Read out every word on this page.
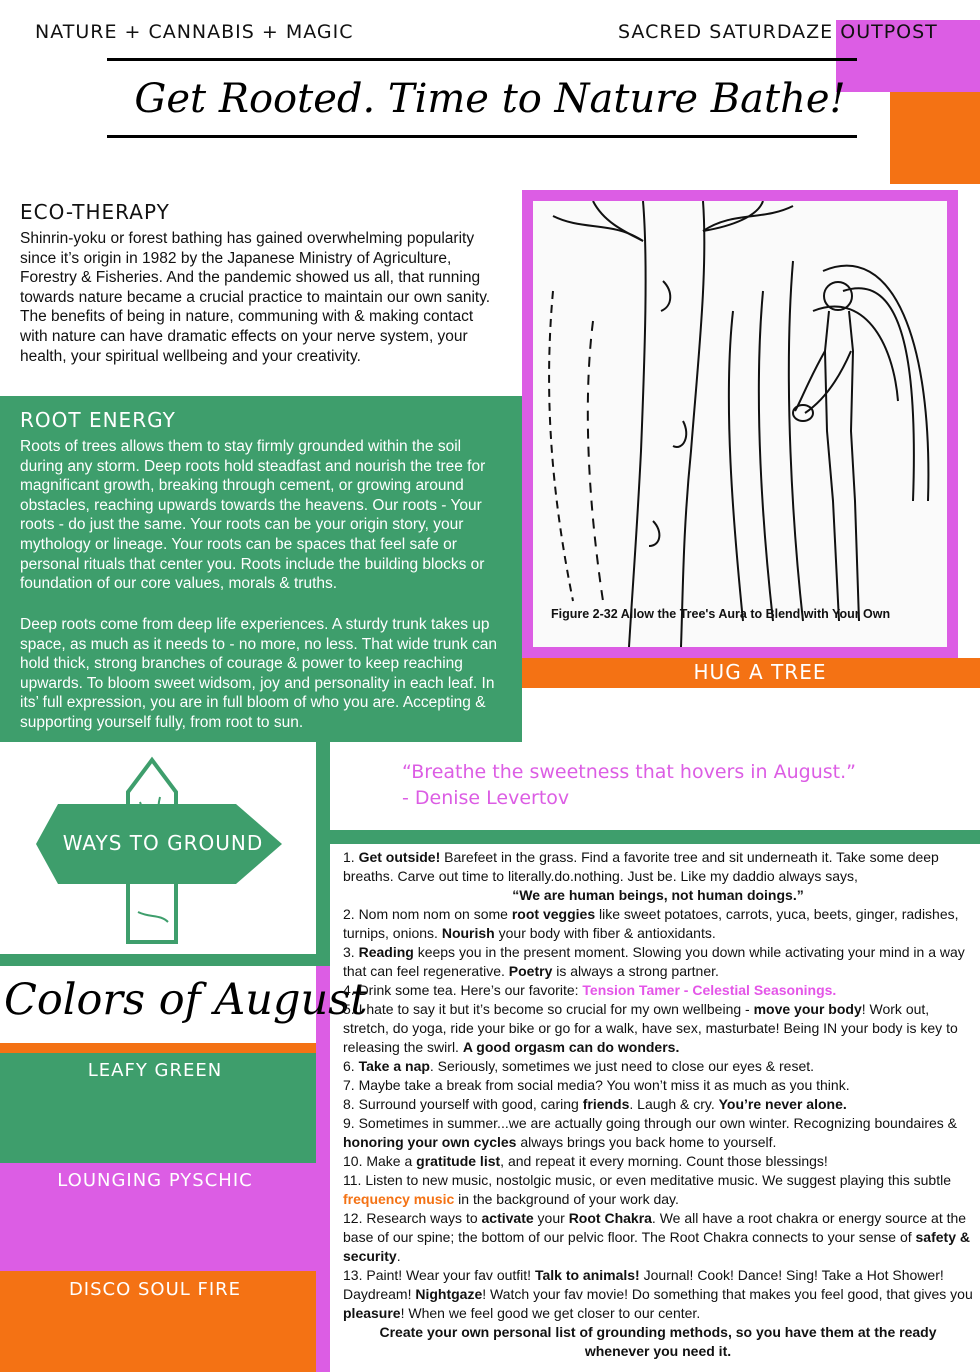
NATURE + CANNABIS + MAGIC	SACRED SATURDAZE OUTPOST
Get Rooted. Time to Nature Bathe!
ECO-THERAPY
Shinrin-yoku or forest bathing has gained overwhelming popularity since it’s origin in 1982 by the Japanese Ministry of Agriculture, Forestry & Fisheries. And the pandemic showed us all, that running towards nature became a crucial practice to maintain our own sanity. The benefits of being in nature, communing with & making contact with nature can have dramatic effects on your nerve system, your health, your spiritual wellbeing and your creativity.
ROOT ENERGY
Roots of trees allows them to stay firmly grounded within the soil during any storm. Deep roots hold steadfast and nourish the tree for magnificant growth, breaking through cement, or growing around obstacles, reaching upwards towards the heavens. Our roots - Your roots - do just the same. Your roots can be your origin story, your mythology or lineage. Your roots can be spaces that feel safe or personal rituals that center you. Roots include the building blocks or foundation of our core values, morals & truths.
Deep roots come from deep life experiences. A sturdy trunk takes up space, as much as it needs to - no more, no less. That wide trunk can hold thick, strong branches of courage & power to keep reaching upwards. To bloom sweet widsom, joy and personality in each leaf. In its’ full expression, you are in full bloom of who you are. Accepting & supporting yourself fully, from root to sun.
Figure 2-32 Allow the Tree's Aura to Blend with Your Own
HUG A TREE
“Breathe the sweetness that hovers in August.”
- Denise Levertov
WAYS TO GROUND
Colors of August
LEAFY GREEN
LOUNGING PYSCHIC
DISCO SOUL FIRE
1. Get outside! Barefeet in the grass. Find a favorite tree and sit underneath it. Take some deep breaths. Carve out time to literally.do.nothing. Just be. Like my daddio always says,
“We are human beings, not human doings.”
2. Nom nom nom on some root veggies like sweet potatoes, carrots, yuca, beets, ginger, radishes, turnips, onions. Nourish your body with fiber & antioxidants.
3. Reading keeps you in the present moment. Slowing you down while activating your mind in a way that can feel regenerative. Poetry is always a strong partner.
4. Drink some tea. Here’s our favorite: Tension Tamer - Celestial Seasonings.
5. I hate to say it but it’s become so crucial for my own wellbeing - move your body! Work out, stretch, do yoga, ride your bike or go for a walk, have sex, masturbate! Being IN your body is key to releasing the swirl. A good orgasm can do wonders.
6. Take a nap. Seriously, sometimes we just need to close our eyes & reset.
7. Maybe take a break from social media? You won’t miss it as much as you think.
8. Surround yourself with good, caring friends. Laugh & cry. You’re never alone.
9. Sometimes in summer...we are actually going through our own winter. Recognizing boundaires & honoring your own cycles always brings you back home to yourself.
10. Make a gratitude list, and repeat it every morning. Count those blessings!
11. Listen to new music, nostolgic music, or even meditative music. We suggest playing this subtle frequency music in the background of your work day.
12. Research ways to activate your Root Chakra. We all have a root chakra or energy source at the base of our spine; the bottom of our pelvic floor. The Root Chakra connects to your sense of safety & security.
13. Paint! Wear your fav outfit! Talk to animals! Journal! Cook! Dance! Sing! Take a Hot Shower! Daydream! Nightgaze! Watch your fav movie! Do something that makes you feel good, that gives you pleasure! When we feel good we get closer to our center.
Create your own personal list of grounding methods, so you have them at the ready whenever you need it.
